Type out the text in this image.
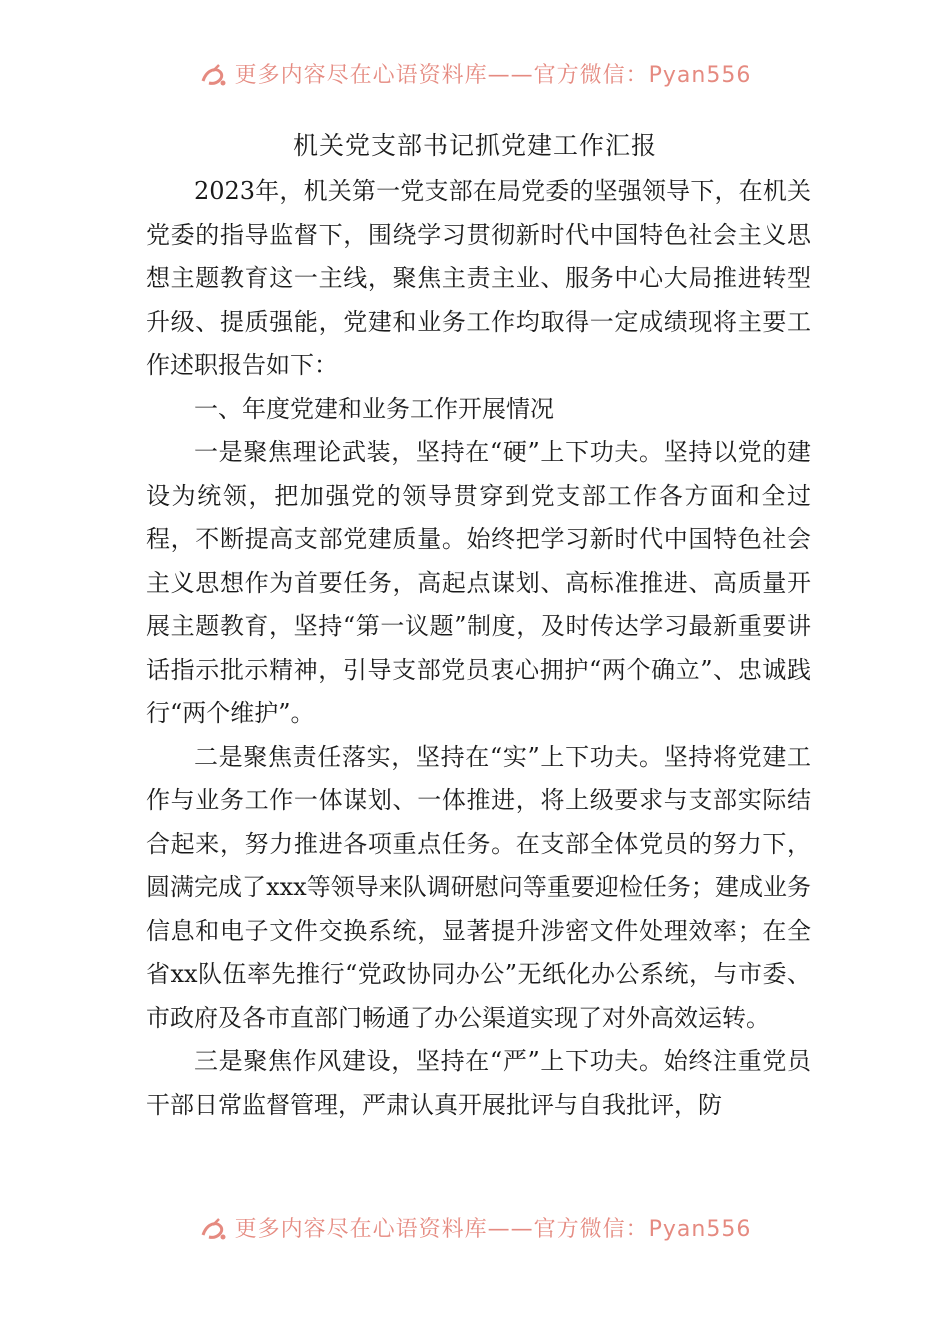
更多内容尽在心语资料库——官方微信：Pyan556
机关党支部书记抓党建工作汇报

2023年，机关第一党支部在局党委的坚强领导下，在机关党委的指导监督下，围绕学习贯彻新时代中国特色社会主义思想主题教育这一主线，聚焦主责主业、服务中心大局推进转型升级、提质强能，党建和业务工作均取得一定成绩现将主要工作述职报告如下：

一、年度党建和业务工作开展情况

一是聚焦理论武装，坚持在“硬”上下功夫。坚持以党的建设为统领，把加强党的领导贯穿到党支部工作各方面和全过程，不断提高支部党建质量。始终把学习新时代中国特色社会主义思想作为首要任务，高起点谋划、高标准推进、高质量开展主题教育，坚持“第一议题”制度，及时传达学习最新重要讲话指示批示精神，引导支部党员衷心拥护“两个确立”、忠诚践行“两个维护”。

二是聚焦责任落实，坚持在“实”上下功夫。坚持将党建工作与业务工作一体谋划、一体推进，将上级要求与支部实际结合起来，努力推进各项重点任务。在支部全体党员的努力下，圆满完成了xxx等领导来队调研慰问等重要迎检任务；建成业务信息和电子文件交换系统，显著提升涉密文件处理效率；在全省xx队伍率先推行“党政协同办公”无纸化办公系统，与市委、市政府及各市直部门畅通了办公渠道实现了对外高效运转。

三是聚焦作风建设，坚持在“严”上下功夫。始终注重党员干部日常监督管理，严肃认真开展批评与自我批评，防

更多内容尽在心语资料库——官方微信：Pyan556
